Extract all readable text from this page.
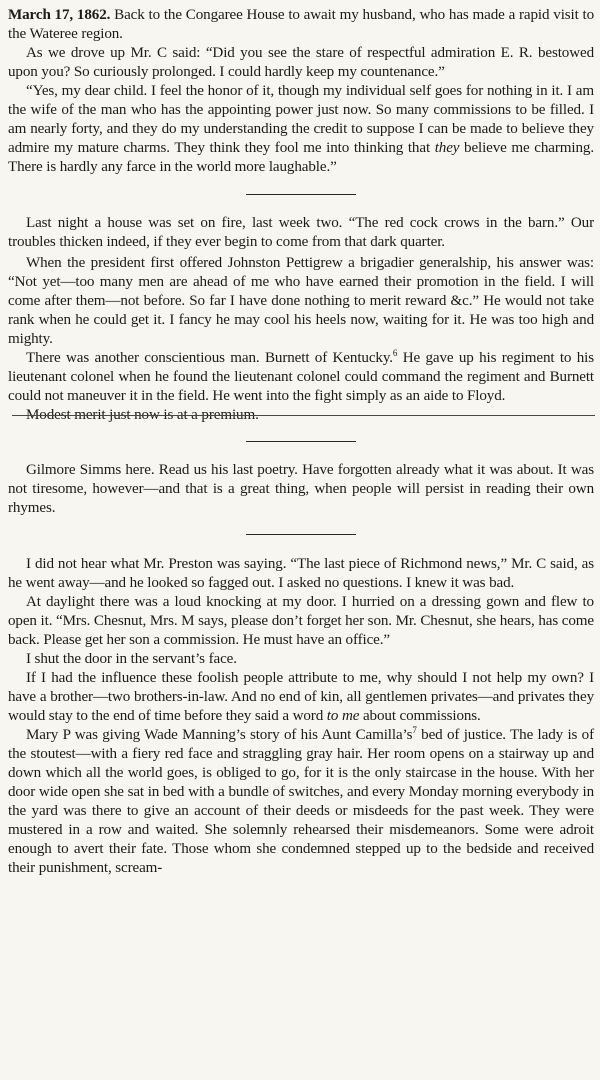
March 17, 1862. Back to the Congaree House to await my husband, who has made a rapid visit to the Wateree region.

As we drove up Mr. C said: “Did you see the stare of respectful admiration E. R. bestowed upon you? So curiously prolonged. I could hardly keep my countenance.”

“Yes, my dear child. I feel the honor of it, though my individual self goes for nothing in it. I am the wife of the man who has the appointing power just now. So many commissions to be filled. I am nearly forty, and they do my understanding the credit to suppose I can be made to believe they admire my mature charms. They think they fool me into thinking that they believe me charming. There is hardly any farce in the world more laughable.”

Last night a house was set on fire, last week two. “The red cock crows in the barn.” Our troubles thicken indeed, if they ever begin to come from that dark quarter.

When the president first offered Johnston Pettigrew a brigadier generalship, his answer was: “Not yet—too many men are ahead of me who have earned their promotion in the field. I will come after them—not before. So far I have done nothing to merit reward &c.” He would not take rank when he could get it. I fancy he may cool his heels now, waiting for it. He was too high and mighty.

There was another conscientious man. Burnett of Kentucky.$^6$ He gave up his regiment to his lieutenant colonel when he found the lieutenant colonel could command the regiment and Burnett could not maneuver it in the field. He went into the fight simply as an aide to Floyd.

Modest merit just now is at a premium.

Gilmore Simms here. Read us his last poetry. Have forgotten already what it was about. It was not tiresome, however—and that is a great thing, when people will persist in reading their own rhymes.

I did not hear what Mr. Preston was saying. “The last piece of Richmond news,” Mr. C said, as he went away—and he looked so fagged out. I asked no questions. I knew it was bad.

At daylight there was a loud knocking at my door. I hurried on a dressing gown and flew to open it. “Mrs. Chesnut, Mrs. M says, please don’t forget her son. Mr. Chesnut, she hears, has come back. Please get her son a commission. He must have an office.”

I shut the door in the servant’s face.

If I had the influence these foolish people attribute to me, why should I not help my own? I have a brother—two brothers-in-law. And no end of kin, all gentlemen privates—and privates they would stay to the end of time before they said a word to me about commissions.

Mary P was giving Wade Manning’s story of his Aunt $Camilla’s^7$ bed of justice. The lady is of the stoutest—with a fiery red face and straggling gray hair. Her room opens on a stairway up and down which all the world goes, is obliged to go, for it is the only staircase in the house. With her door wide open she sat in bed with a bundle of switches, and every Monday morning everybody in the yard was there to give an account of their deeds or misdeeds for the past week. They were mustered in a row and waited. She solemnly rehearsed their misdemeanors. Some were adroit enough to avert their fate. Those whom she condemned stepped up to the bedside and received their punishment, scream-
